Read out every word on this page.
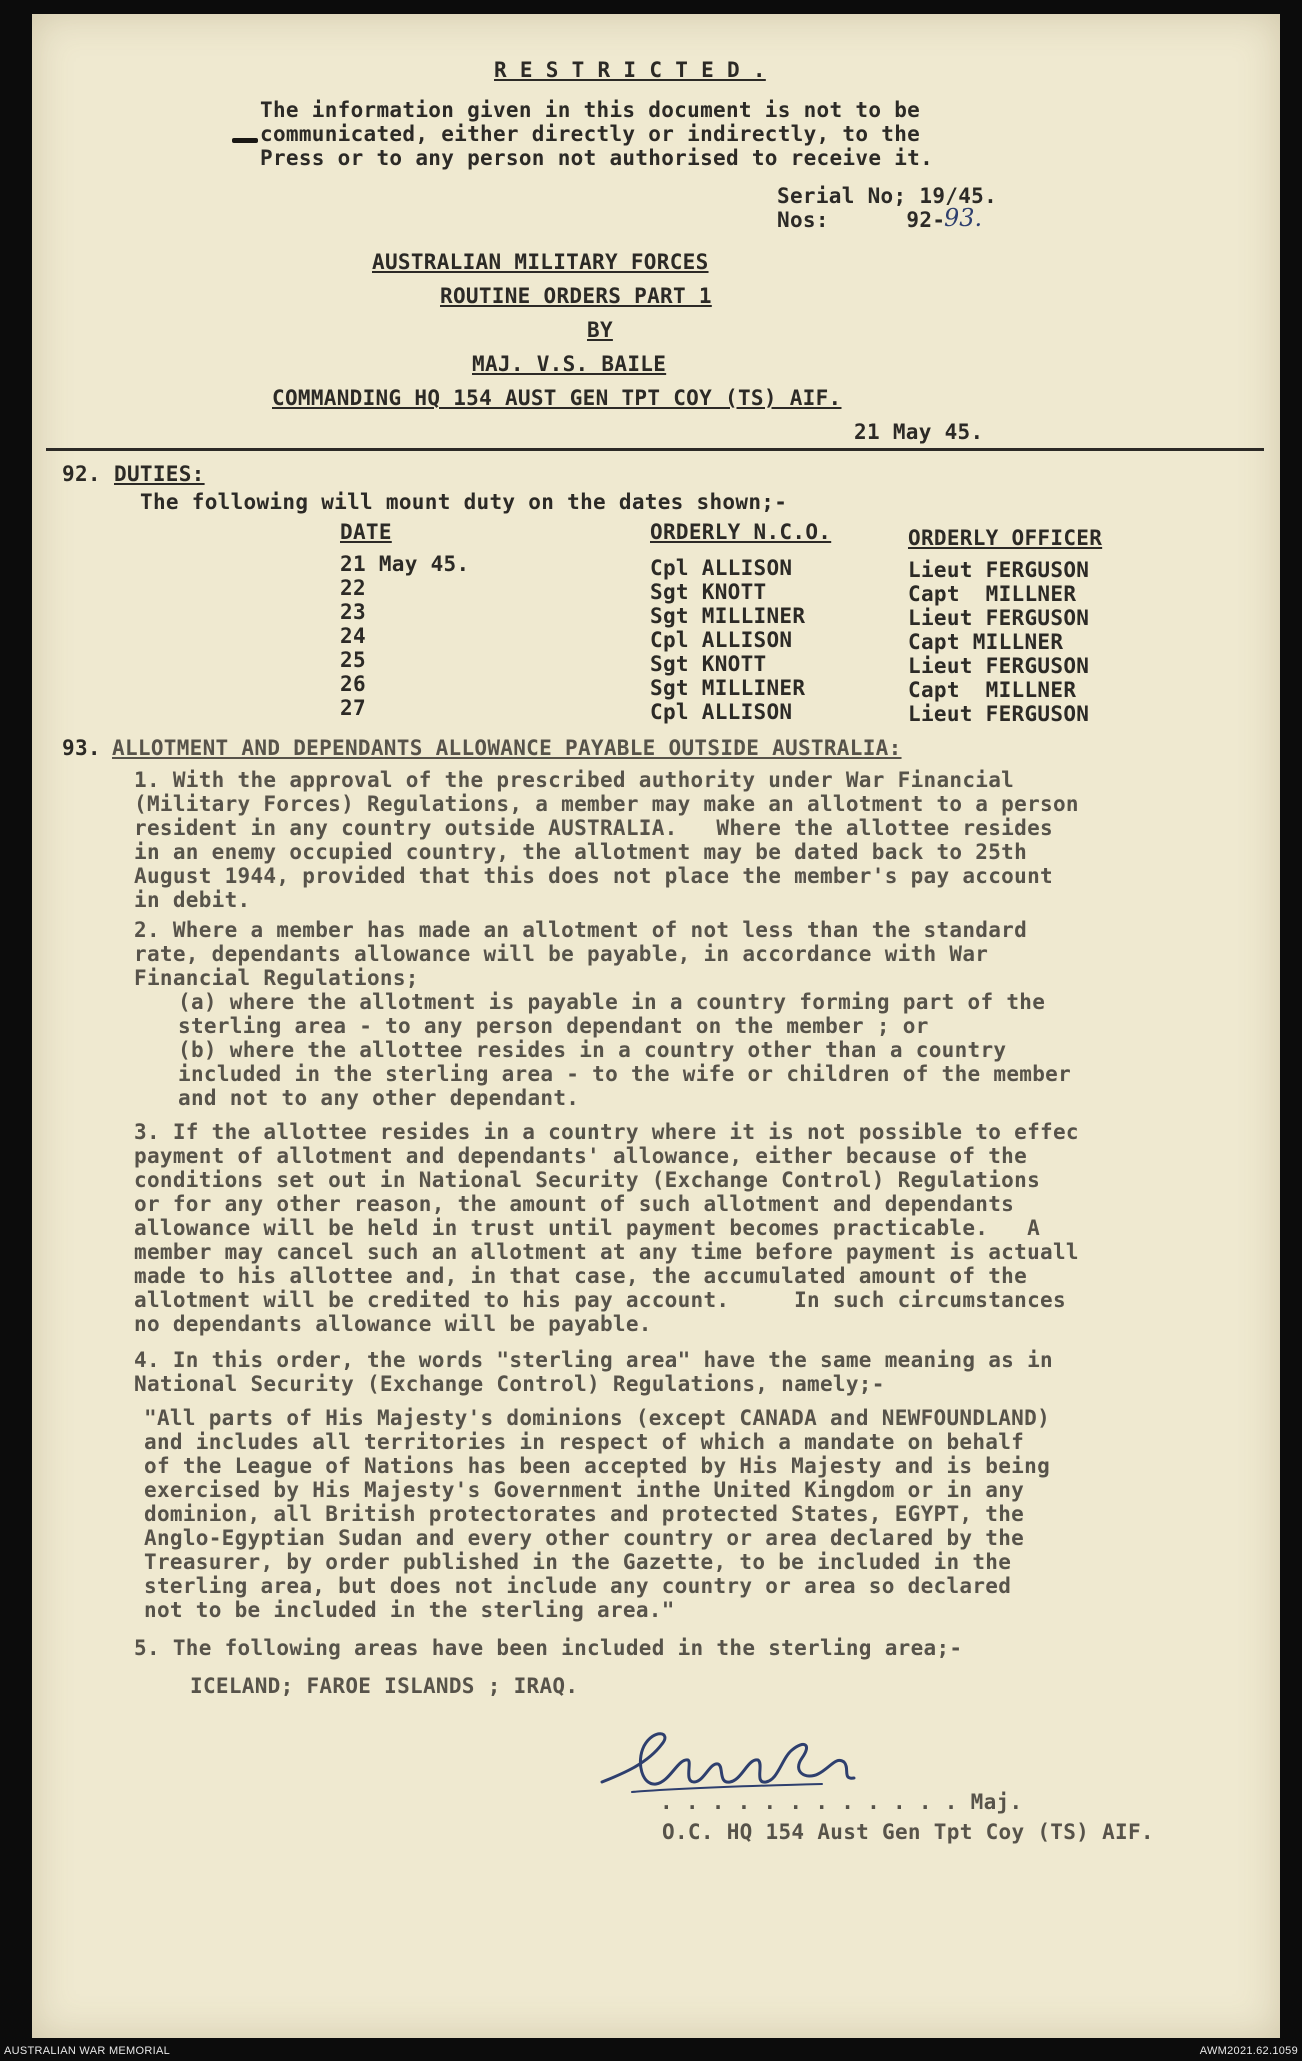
R E S T R I C T E D .

The information given in this document is not to be

communicated, either directly or indirectly, to the

Press or to any person not authorised to receive it.

Serial No; 19/45.

Nos:      92-

93.

AUSTRALIAN MILITARY FORCES

ROUTINE ORDERS PART 1

BY

MAJ. V.S. BAILE

COMMANDING HQ 154 AUST GEN TPT COY (TS) AIF.

21 May 45.

92. DUTIES:

The following will mount duty on the dates shown;-

DATE	ORDERLY N.C.O.	ORDERLY OFFICER

21 May 45.	Cpl ALLISON	Lieut FERGUSON

22	Sgt KNOTT	Capt  MILLNER

23	Sgt MILLINER	Lieut FERGUSON

24	Cpl ALLISON	Capt MILLNER

25	Sgt KNOTT	Lieut FERGUSON

26	Sgt MILLINER	Capt  MILLNER

27	Cpl ALLISON	Lieut FERGUSON

93. ALLOTMENT AND DEPENDANTS ALLOWANCE PAYABLE OUTSIDE AUSTRALIA:

1. With the approval of the prescribed authority under War Financial

(Military Forces) Regulations, a member may make an allotment to a person

resident in any country outside AUSTRALIA.   Where the allottee resides

in an enemy occupied country, the allotment may be dated back to 25th

August 1944, provided that this does not place the member's pay account

in debit.

2. Where a member has made an allotment of not less than the standard

rate, dependants allowance will be payable, in accordance with War

Financial Regulations;

(a) where the allotment is payable in a country forming part of the

sterling area - to any person dependant on the member ; or

(b) where the allottee resides in a country other than a country

included in the sterling area - to the wife or children of the member

and not to any other dependant.

3. If the allottee resides in a country where it is not possible to effec

payment of allotment and dependants' allowance, either because of the

conditions set out in National Security (Exchange Control) Regulations

or for any other reason, the amount of such allotment and dependants

allowance will be held in trust until payment becomes practicable.   A

member may cancel such an allotment at any time before payment is actuall

made to his allottee and, in that case, the accumulated amount of the

allotment will be credited to his pay account.     In such circumstances

no dependants allowance will be payable.

4. In this order, the words "sterling area" have the same meaning as in

National Security (Exchange Control) Regulations, namely;-

"All parts of His Majesty's dominions (except CANADA and NEWFOUNDLAND)

and includes all territories in respect of which a mandate on behalf

of the League of Nations has been accepted by His Majesty and is being

exercised by His Majesty's Government inthe United Kingdom or in any

dominion, all British protectorates and protected States, EGYPT, the

Anglo-Egyptian Sudan and every other country or area declared by the

Treasurer, by order published in the Gazette, to be included in the

sterling area, but does not include any country or area so declared

not to be included in the sterling area."

5. The following areas have been included in the sterling area;-

ICELAND; FAROE ISLANDS ; IRAQ.

. . . . . . . . . . . . Maj.

O.C. HQ 154 Aust Gen Tpt Coy (TS) AIF.

AUSTRALIAN WAR MEMORIAL	AWM2021.62.1059
